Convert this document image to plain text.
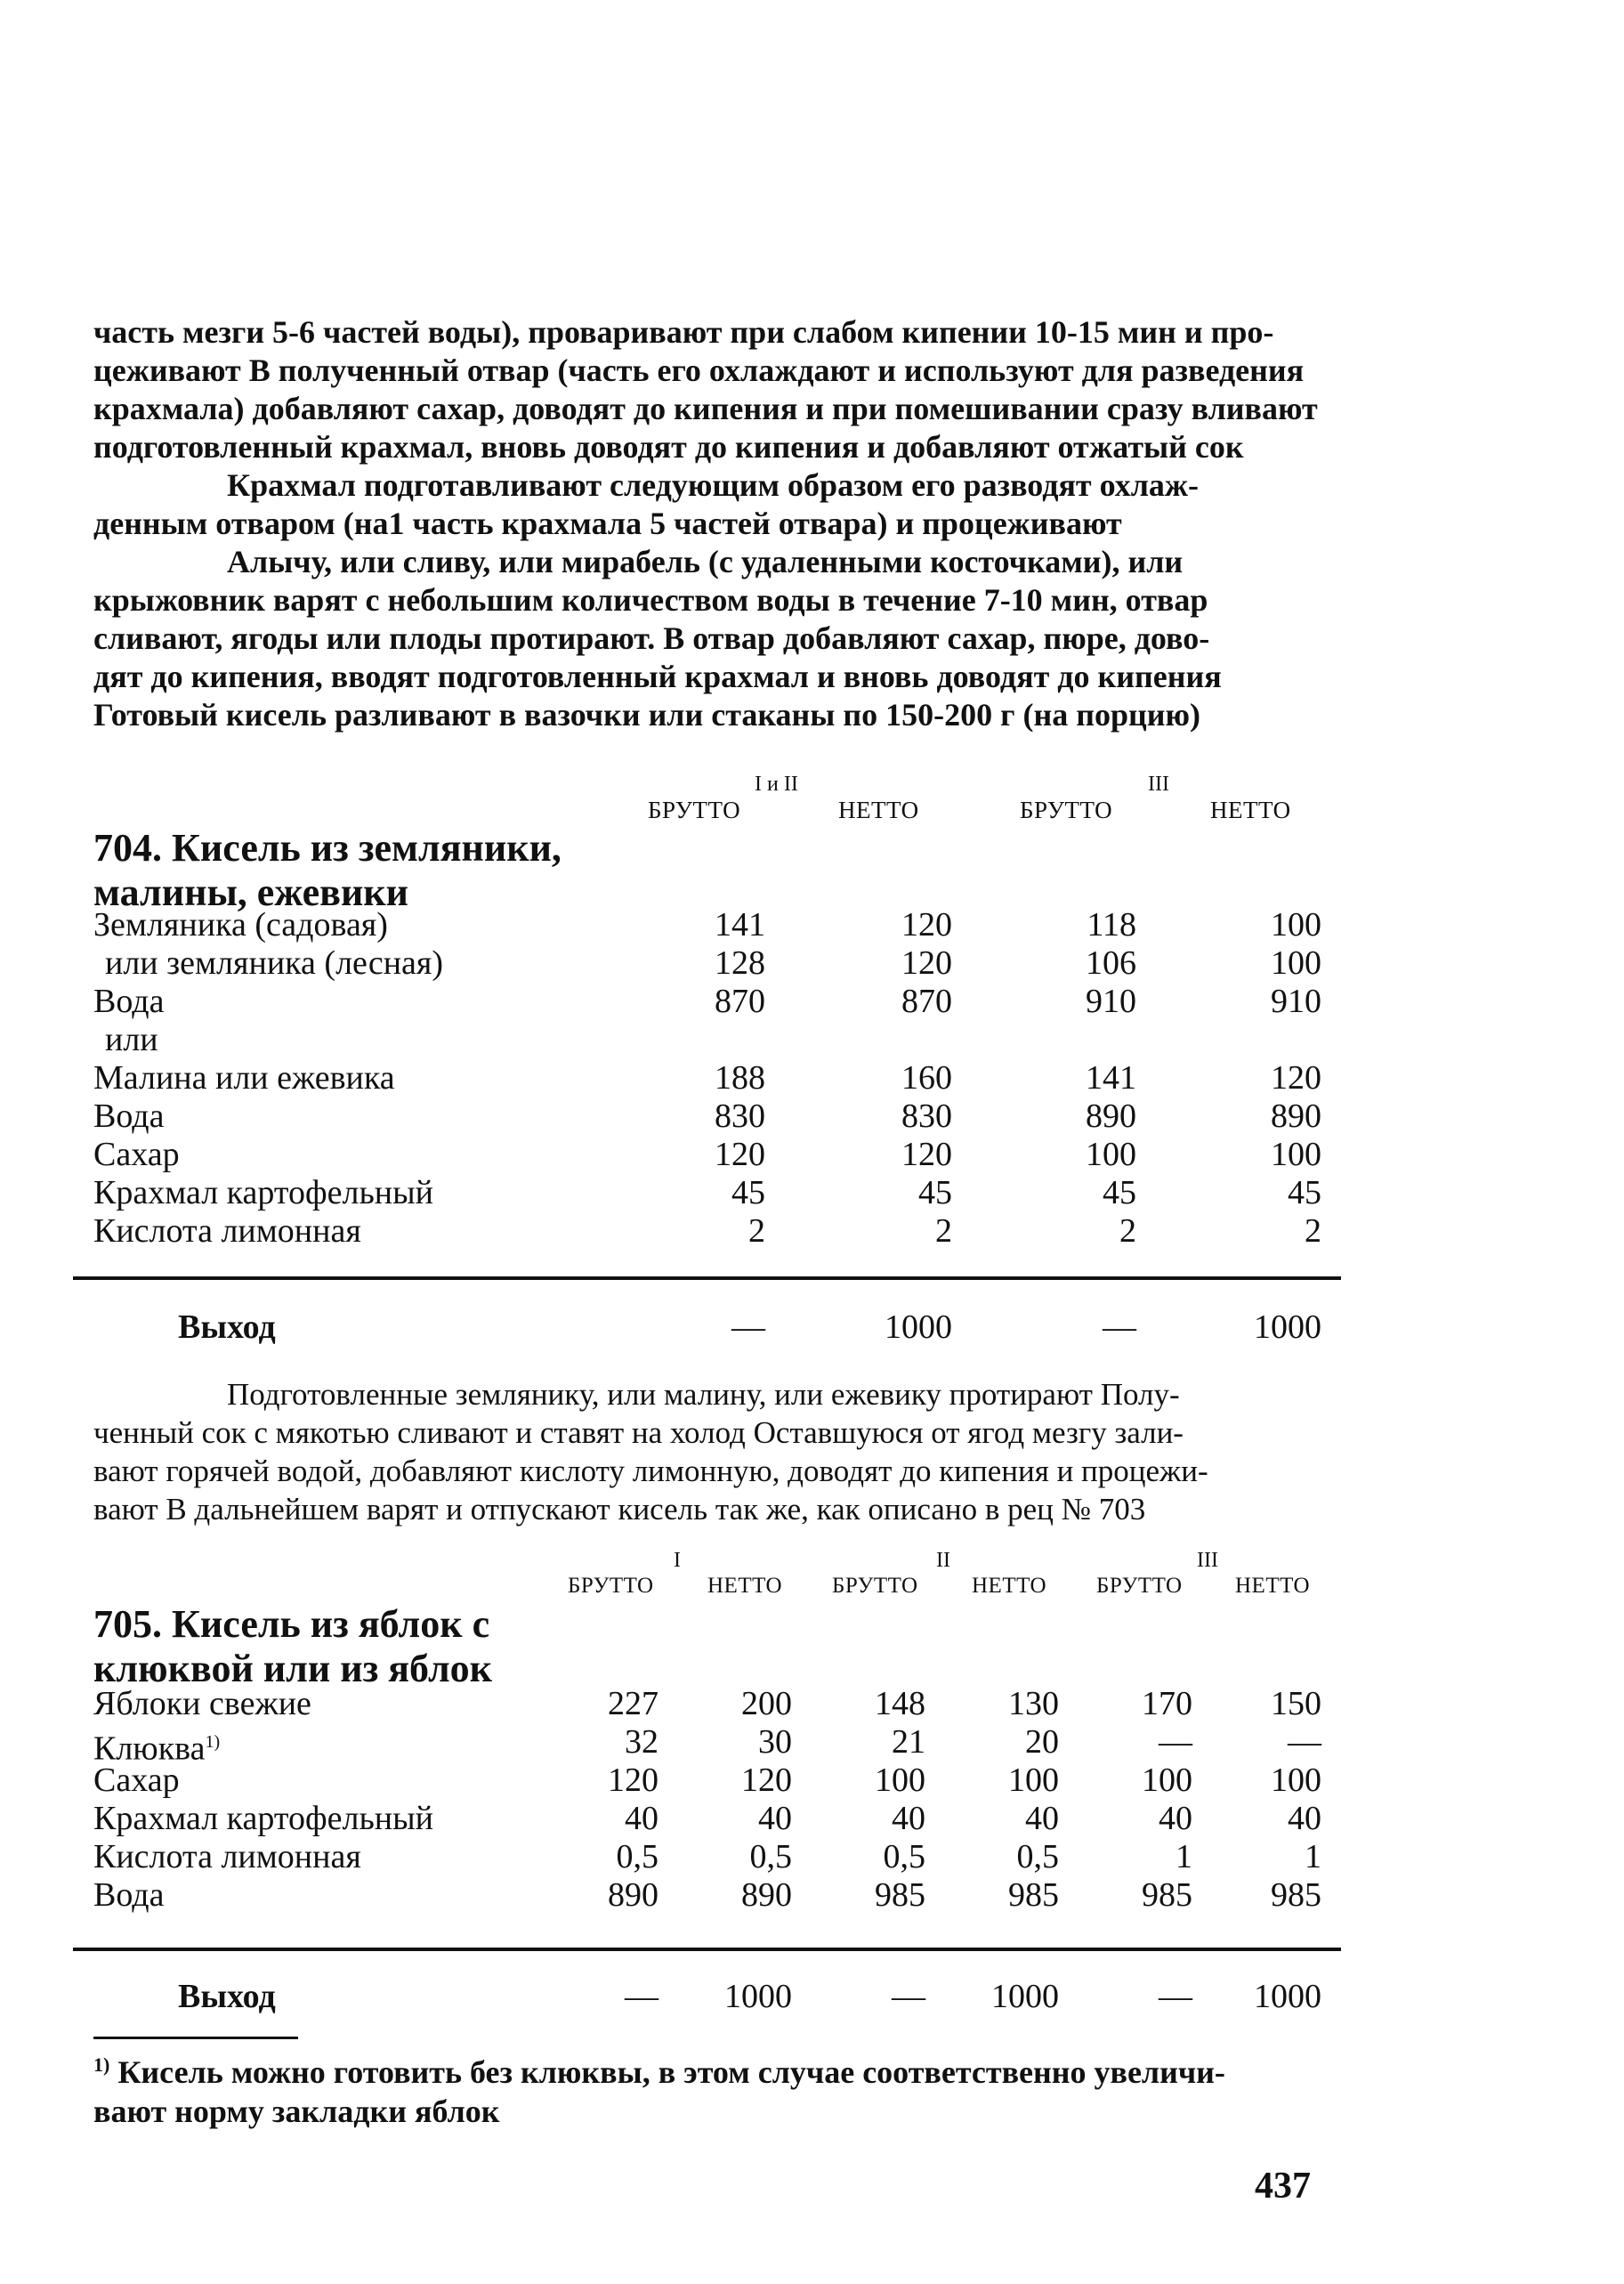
часть мезги 5-6 частей воды), проваривают при слабом кипении 10-15 мин и про-
цеживают В полученный отвар (часть его охлаждают и используют для разведения
крахмала) добавляют сахар, доводят до кипения и при помешивании сразу вливают
подготовленный крахмал, вновь доводят до кипения и добавляют отжатый сок
Крахмал подготавливают следующим образом его разводят охлаж-
денным отваром (на1 часть крахмала 5 частей отвара) и процеживают
Алычу, или сливу, или мирабель (с удаленными косточками), или
крыжовник варят с небольшим количеством воды в течение 7-10 мин, отвар
сливают, ягоды или плоды протирают. В отвар добавляют сахар, пюре, дово-
дят до кипения, вводят подготовленный крахмал и вновь доводят до кипения
Готовый кисель разливают в вазочки или стаканы по 150-200 г (на порцию)
I и II	III
БРУТТО	НЕТТО	БРУТТО	НЕТТО
704. Кисель из земляники,
малины, ежевики
Земляника (садовая)	141	120	118	100
или земляника (лесная)	128	120	106	100
Вода	870	870	910	910
или
Малина или ежевика	188	160	141	120
Вода	830	830	890	890
Сахар	120	120	100	100
Крахмал картофельный	45	45	45	45
Кислота лимонная	2	2	2	2
Выход	—	1000	—	1000
Подготовленные землянику, или малину, или ежевику протирают Полу-
ченный сок с мякотью сливают и ставят на холод Оставшуюся от ягод мезгу зали-
вают горячей водой, добавляют кислоту лимонную, доводят до кипения и процежи-
вают В дальнейшем варят и отпускают кисель так же, как описано в рец № 703
I	II	III
БРУТТО НЕТТО БРУТТО НЕТТО БРУТТО НЕТТО
705. Кисель из яблок с
клюквой или из яблок
Яблоки свежие	227	200	148	130	170	150
Клюква$^{1)}$	32	30	21	20	—	—
Сахар	120	120	100	100	100	100
Крахмал картофельный	40	40	40	40	40	40
Кислота лимонная	0,5	0,5	0,5	0,5	1	1
Вода	890	890	985	985	985	985
Выход	—	1000	—	1000	—	1000
$^{1)}$ Кисель можно готовить без клюквы, в этом случае соответственно увеличи-
вают норму закладки яблок
437
